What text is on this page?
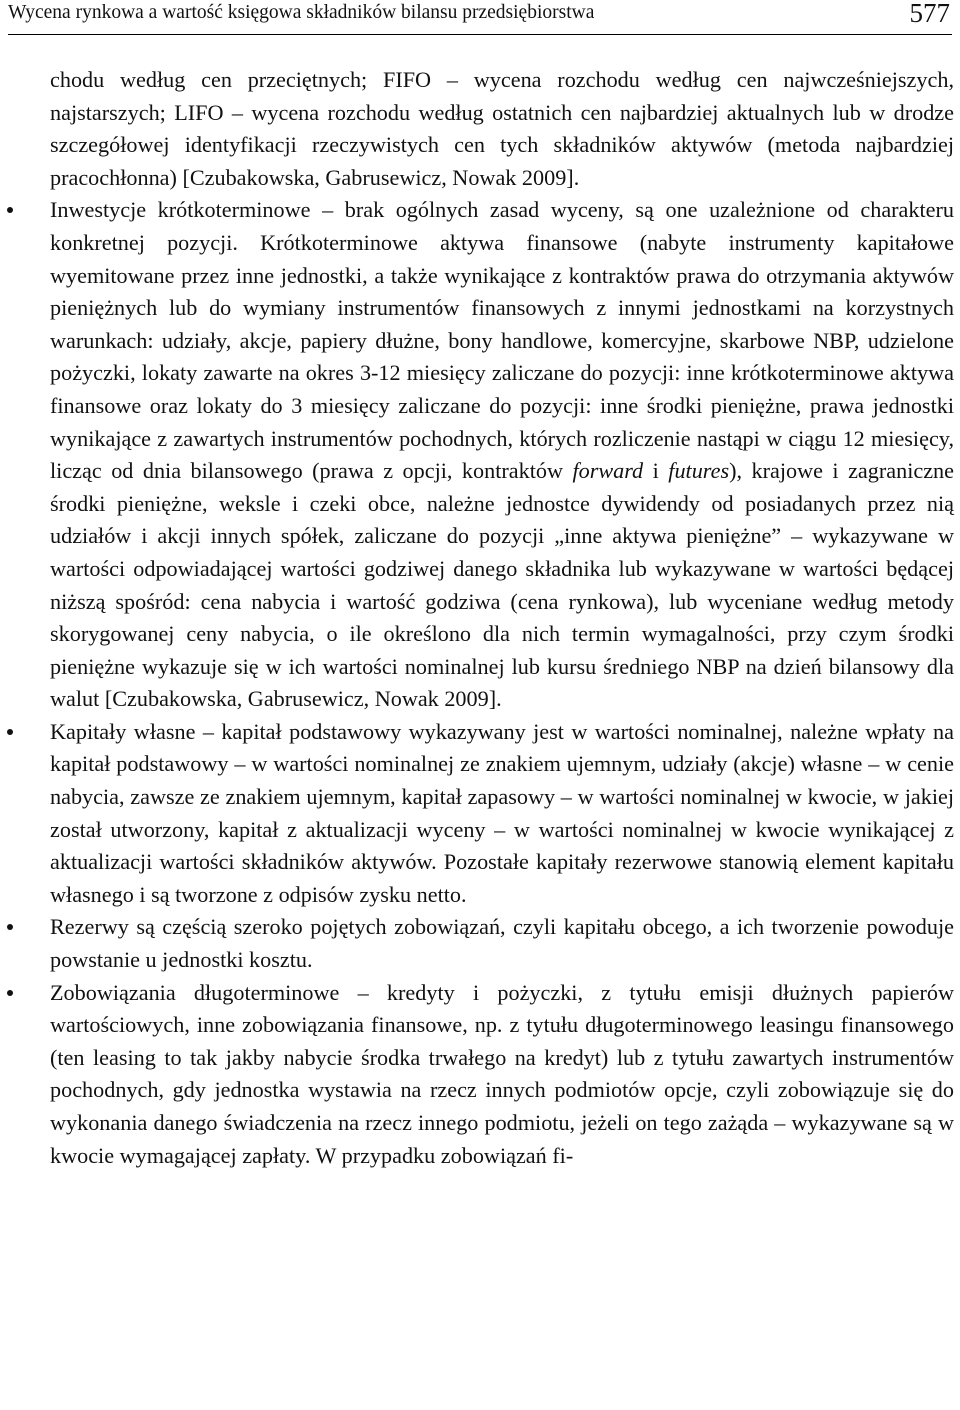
Wycena rynkowa a wartość księgowa składników bilansu przedsiębiorstwa	577

chodu według cen przeciętnych; FIFO – wycena rozchodu według cen najwcześniejszych, najstarszych; LIFO – wycena rozchodu według ostatnich cen najbardziej aktualnych lub w drodze szczegółowej identyfikacji rzeczywistych cen tych składników aktywów (metoda najbardziej pracochłonna) [Czubakowska, Gabrusewicz, Nowak 2009].

Inwestycje krótkoterminowe – brak ogólnych zasad wyceny, są one uzależnione od charakteru konkretnej pozycji. Krótkoterminowe aktywa finansowe (nabyte instrumenty kapitałowe wyemitowane przez inne jednostki, a także wynikające z kontraktów prawa do otrzymania aktywów pieniężnych lub do wymiany instrumentów finansowych z innymi jednostkami na korzystnych warunkach: udziały, akcje, papiery dłużne, bony handlowe, komercyjne, skarbowe NBP, udzielone pożyczki, lokaty zawarte na okres 3-12 miesięcy zaliczane do pozycji: inne krótkoterminowe aktywa finansowe oraz lokaty do 3 miesięcy zaliczane do pozycji: inne środki pieniężne, prawa jednostki wynikające z zawartych instrumentów pochodnych, których rozliczenie nastąpi w ciągu 12 miesięcy, licząc od dnia bilansowego (prawa z opcji, kontraktów forward i futures), krajowe i zagraniczne środki pieniężne, weksle i czeki obce, należne jednostce dywidendy od posiadanych przez nią udziałów i akcji innych spółek, zaliczane do pozycji „inne aktywa pieniężne” – wykazywane w wartości odpowiadającej wartości godziwej danego składnika lub wykazywane w wartości będącej niższą spośród: cena nabycia i wartość godziwa (cena rynkowa), lub wyceniane według metody skorygowanej ceny nabycia, o ile określono dla nich termin wymagalności, przy czym środki pieniężne wykazuje się w ich wartości nominalnej lub kursu średniego NBP na dzień bilansowy dla walut [Czubakowska, Gabrusewicz, Nowak 2009].

Kapitały własne – kapitał podstawowy wykazywany jest w wartości nominalnej, należne wpłaty na kapitał podstawowy – w wartości nominalnej ze znakiem ujemnym, udziały (akcje) własne – w cenie nabycia, zawsze ze znakiem ujemnym, kapitał zapasowy – w wartości nominalnej w kwocie, w jakiej został utworzony, kapitał z aktualizacji wyceny – w wartości nominalnej w kwocie wynikającej z aktualizacji wartości składników aktywów. Pozostałe kapitały rezerwowe stanowią element kapitału własnego i są tworzone z odpisów zysku netto.

Rezerwy są częścią szeroko pojętych zobowiązań, czyli kapitału obcego, a ich tworzenie powoduje powstanie u jednostki kosztu.

Zobowiązania długoterminowe – kredyty i pożyczki, z tytułu emisji dłużnych papierów wartościowych, inne zobowiązania finansowe, np. z tytułu długoterminowego leasingu finansowego (ten leasing to tak jakby nabycie środka trwałego na kredyt) lub z tytułu zawartych instrumentów pochodnych, gdy jednostka wystawia na rzecz innych podmiotów opcje, czyli zobowiązuje się do wykonania danego świadczenia na rzecz innego podmiotu, jeżeli on tego zażąda – wykazywane są w kwocie wymagającej zapłaty. W przypadku zobowiązań fi-
